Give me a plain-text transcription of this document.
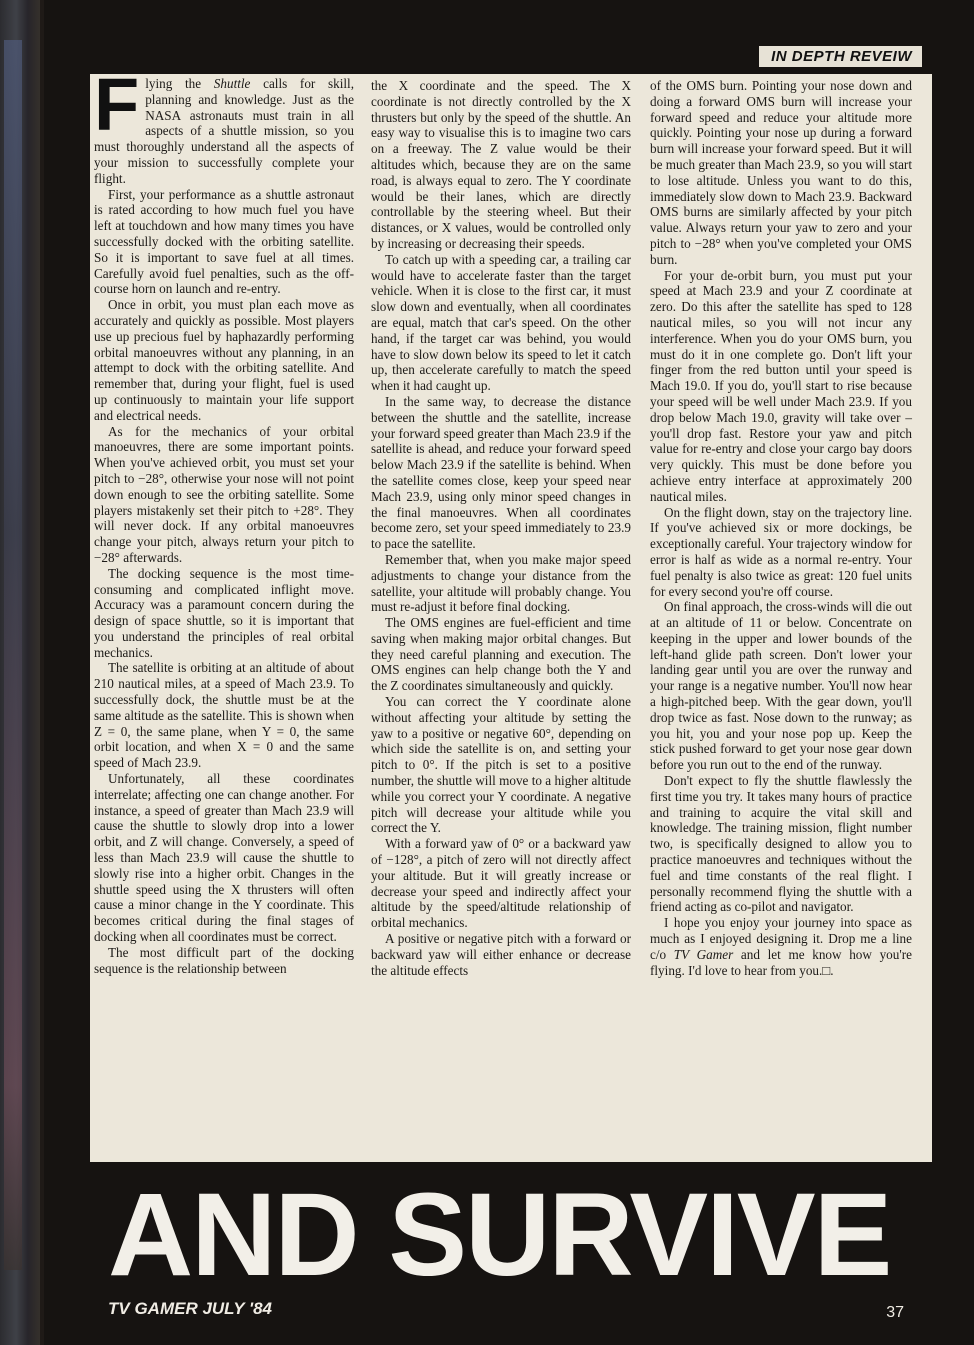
IN DEPTH REVEIW

Flying the Shuttle calls for skill, planning and knowledge. Just as the NASA astronauts must train in all aspects of a shuttle mission, so you must thoroughly understand all the aspects of your mission to successfully complete your flight.

First, your performance as a shuttle astronaut is rated according to how much fuel you have left at touchdown and how many times you have successfully docked with the orbiting satellite. So it is important to save fuel at all times. Carefully avoid fuel penalties, such as the off-course horn on launch and re-entry.

Once in orbit, you must plan each move as accurately and quickly as possible. Most players use up precious fuel by haphazardly performing orbital manoeuvres without any planning, in an attempt to dock with the orbiting satellite. And remember that, during your flight, fuel is used up continuously to maintain your life support and electrical needs.

As for the mechanics of your orbital manoeuvres, there are some important points. When you've achieved orbit, you must set your pitch to −28°, otherwise your nose will not point down enough to see the orbiting satellite. Some players mistakenly set their pitch to +28°. They will never dock. If any orbital manoeuvres change your pitch, always return your pitch to −28° afterwards.

The docking sequence is the most time-consuming and complicated inflight move. Accuracy was a paramount concern during the design of space shuttle, so it is important that you understand the principles of real orbital mechanics.

The satellite is orbiting at an altitude of about 210 nautical miles, at a speed of Mach 23.9. To successfully dock, the shuttle must be at the same altitude as the satellite. This is shown when Z = 0, the same plane, when Y = 0, the same orbit location, and when X = 0 and the same speed of Mach 23.9.

Unfortunately, all these coordinates interrelate; affecting one can change another. For instance, a speed of greater than Mach 23.9 will cause the shuttle to slowly drop into a lower orbit, and Z will change. Conversely, a speed of less than Mach 23.9 will cause the shuttle to slowly rise into a higher orbit. Changes in the shuttle speed using the X thrusters will often cause a minor change in the Y coordinate. This becomes critical during the final stages of docking when all coordinates must be correct.

The most difficult part of the docking sequence is the relationship between

the X coordinate and the speed. The X coordinate is not directly controlled by the X thrusters but only by the speed of the shuttle. An easy way to visualise this is to imagine two cars on a freeway. The Z value would be their altitudes which, because they are on the same road, is always equal to zero. The Y coordinate would be their lanes, which are directly controllable by the steering wheel. But their distances, or X values, would be controlled only by increasing or decreasing their speeds.

To catch up with a speeding car, a trailing car would have to accelerate faster than the target vehicle. When it is close to the first car, it must slow down and eventually, when all coordinates are equal, match that car's speed. On the other hand, if the target car was behind, you would have to slow down below its speed to let it catch up, then accelerate carefully to match the speed when it had caught up.

In the same way, to decrease the distance between the shuttle and the satellite, increase your forward speed greater than Mach 23.9 if the satellite is ahead, and reduce your forward speed below Mach 23.9 if the satellite is behind. When the satellite comes close, keep your speed near Mach 23.9, using only minor speed changes in the final manoeuvres. When all coordinates become zero, set your speed immediately to 23.9 to pace the satellite.

Remember that, when you make major speed adjustments to change your distance from the satellite, your altitude will probably change. You must re-adjust it before final docking.

The OMS engines are fuel-efficient and time saving when making major orbital changes. But they need careful planning and execution. The OMS engines can help change both the Y and the Z coordinates simultaneously and quickly.

You can correct the Y coordinate alone without affecting your altitude by setting the yaw to a positive or negative 60°, depending on which side the satellite is on, and setting your pitch to 0°. If the pitch is set to a positive number, the shuttle will move to a higher altitude while you correct your Y coordinate. A negative pitch will decrease your altitude while you correct the Y.

With a forward yaw of 0° or a backward yaw of −128°, a pitch of zero will not directly affect your altitude. But it will greatly increase or decrease your speed and indirectly affect your altitude by the speed/altitude relationship of orbital mechanics.

A positive or negative pitch with a forward or backward yaw will either enhance or decrease the altitude effects

of the OMS burn. Pointing your nose down and doing a forward OMS burn will increase your forward speed and reduce your altitude more quickly. Pointing your nose up during a forward burn will increase your forward speed. But it will be much greater than Mach 23.9, so you will start to lose altitude. Unless you want to do this, immediately slow down to Mach 23.9. Backward OMS burns are similarly affected by your pitch value. Always return your yaw to zero and your pitch to −28° when you've completed your OMS burn.

For your de-orbit burn, you must put your speed at Mach 23.9 and your Z coordinate at zero. Do this after the satellite has sped to 128 nautical miles, so you will not incur any interference. When you do your OMS burn, you must do it in one complete go. Don't lift your finger from the red button until your speed is Mach 19.0. If you do, you'll start to rise because your speed will be well under Mach 23.9. If you drop below Mach 19.0, gravity will take over – you'll drop fast. Restore your yaw and pitch value for re-entry and close your cargo bay doors very quickly. This must be done before you achieve entry interface at approximately 200 nautical miles.

On the flight down, stay on the trajectory line. If you've achieved six or more dockings, be exceptionally careful. Your trajectory window for error is half as wide as a normal re-entry. Your fuel penalty is also twice as great: 120 fuel units for every second you're off course.

On final approach, the cross-winds will die out at an altitude of 11 or below. Concentrate on keeping in the upper and lower bounds of the left-hand glide path screen. Don't lower your landing gear until you are over the runway and your range is a negative number. You'll now hear a high-pitched beep. With the gear down, you'll drop twice as fast. Nose down to the runway; as you hit, you and your nose pop up. Keep the stick pushed forward to get your nose gear down before you run out to the end of the runway.

Don't expect to fly the shuttle flawlessly the first time you try. It takes many hours of practice and training to acquire the vital skill and knowledge. The training mission, flight number two, is specifically designed to allow you to practice manoeuvres and techniques without the fuel and time constants of the real flight. I personally recommend flying the shuttle with a friend acting as co-pilot and navigator.

I hope you enjoy your journey into space as much as I enjoyed designing it. Drop me a line c/o TV Gamer and let me know how you're flying. I'd love to hear from you.□.

AND SURVIVE
TV GAMER JULY '84	37
